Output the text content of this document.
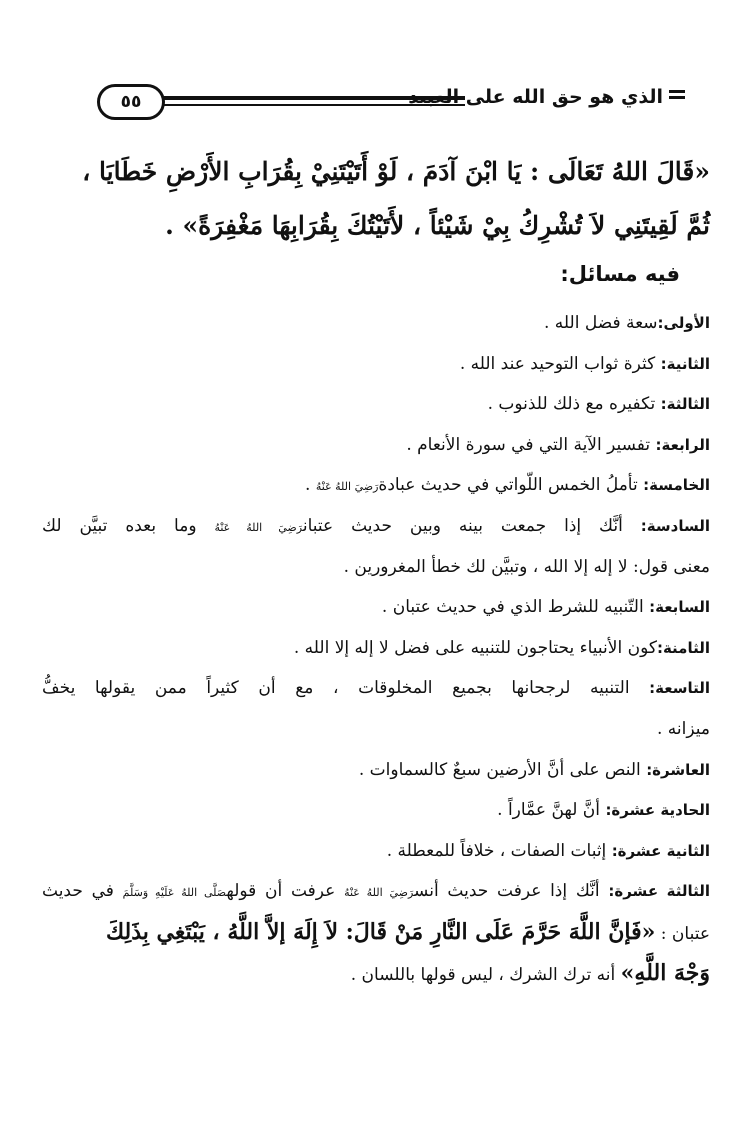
٥٥	الذي هو حق الله على العبيد
«قَالَ اللهُ تَعَالَى : يَا ابْنَ آدَمَ ، لَوْ أَتَيْتَنِيْ بِقُرَابِ الأَرْضِ خَطَايَا ،
ثُمَّ لَقِيتَنِي لاَ تُشْرِكُ بِيْ شَيْئاً ، لأَتَيْتُكَ بِقُرَابِهَا مَغْفِرَةً» .
فيه مسائل:
الأولى:سعة فضل الله .
الثانية: كثرة ثواب التوحيد عند الله .
الثالثة: تكفيره مع ذلك للذنوب .
الرابعة: تفسير الآية التي في سورة الأنعام .
الخامسة: تأملُ الخمس اللّواتي في حديث عبادةرَضِيَ اللهُ عَنْهُ .
السادسة: أنَّك إذا جمعت بينه وبين حديث عتبانرَضِيَ اللهُ عَنْهُ وما بعده تبيَّن لك
معنى قول: لا إله إلا الله ، وتبيَّن لك خطأ المغرورين .
السابعة: التّنبيه للشرط الذي في حديث عتبان .
الثامنة:كون الأنبياء يحتاجون للتنبيه على فضل لا إله إلا الله .
التاسعة: التنبيه لرجحانها بجميع المخلوقات ، مع أن كثيراً ممن يقولها يخفُّ
ميزانه .
العاشرة: النص على أنَّ الأرضين سبعٌ كالسماوات .
الحادية عشرة: أنَّ لهنَّ عمَّاراً .
الثانية عشرة: إثبات الصفات ، خلافاً للمعطلة .
الثالثة عشرة: أنَّك إذا عرفت حديث أنسرَضِيَ اللهُ عَنْهُ عرفت أن قولهصَلَّى اللهُ عَلَيْهِ وَسَلَّمَ في حديث
عتبان : «فَإنَّ اللَّهَ حَرَّمَ عَلَى النَّارِ مَنْ قَالَ: لاَ إِلَهَ إلاَّ اللَّهُ ، يَبْتَغِي بِذَلِكَ
وَجْهَ اللَّهِ» أنه ترك الشرك ، ليس قولها باللسان .
